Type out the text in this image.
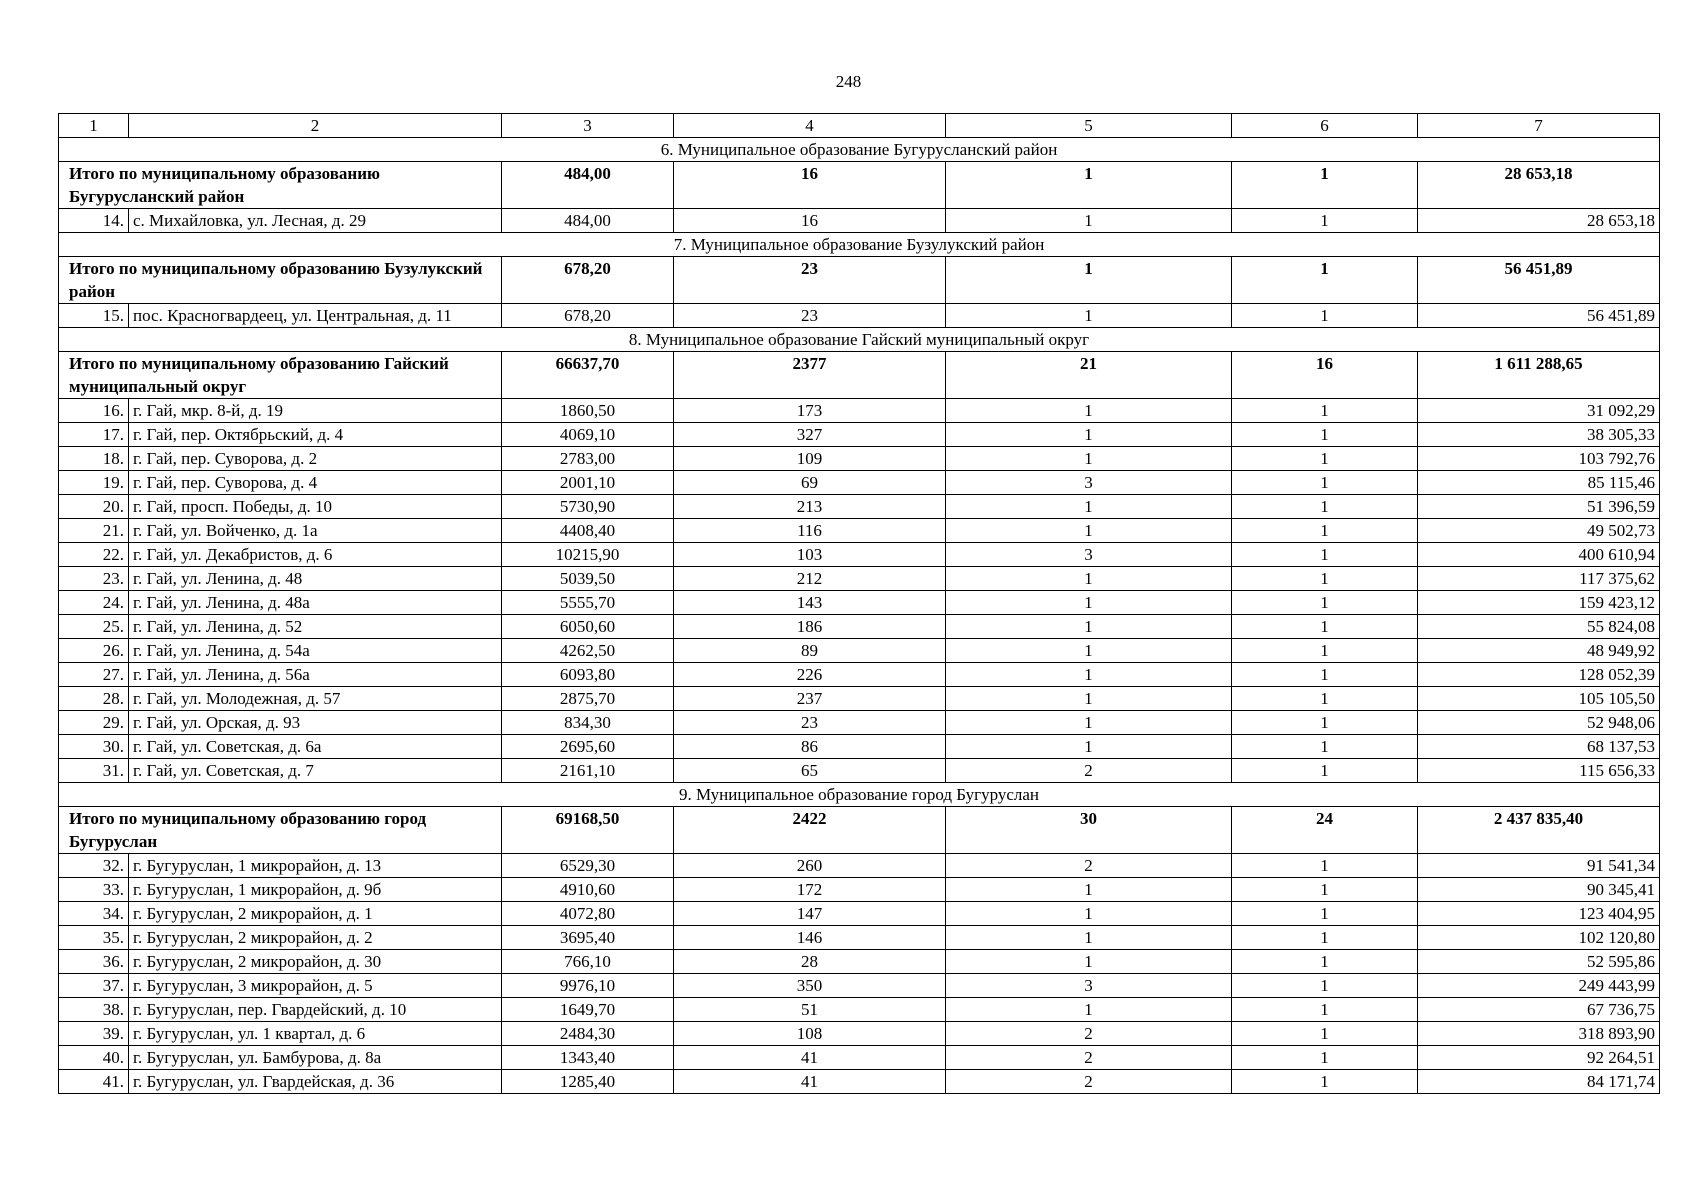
248
1	2	3	4	5	6	7
6. Муниципальное образование Бугурусланский район						
Итого по муниципальному образованию Бугурусланский район		484,00	16	1	1	28 653,18
14.	с. Михайловка, ул. Лесная, д. 29	484,00	16	1	1	28 653,18
7. Муниципальное образование Бузулукский район						
Итого по муниципальному образованию Бузулукский район		678,20	23	1	1	56 451,89
15.	пос. Красногвардеец, ул. Центральная, д. 11	678,20	23	1	1	56 451,89
8. Муниципальное образование Гайский муниципальный округ						
Итого по муниципальному образованию Гайский муниципальный округ		66637,70	2377	21	16	1 611 288,65
16.	г. Гай, мкр. 8-й, д. 19	1860,50	173	1	1	31 092,29
17.	г. Гай, пер. Октябрьский, д. 4	4069,10	327	1	1	38 305,33
18.	г. Гай, пер. Суворова, д. 2	2783,00	109	1	1	103 792,76
19.	г. Гай, пер. Суворова, д. 4	2001,10	69	3	1	85 115,46
20.	г. Гай, просп. Победы, д. 10	5730,90	213	1	1	51 396,59
21.	г. Гай, ул. Войченко, д. 1а	4408,40	116	1	1	49 502,73
22.	г. Гай, ул. Декабристов, д. 6	10215,90	103	3	1	400 610,94
23.	г. Гай, ул. Ленина, д. 48	5039,50	212	1	1	117 375,62
24.	г. Гай, ул. Ленина, д. 48а	5555,70	143	1	1	159 423,12
25.	г. Гай, ул. Ленина, д. 52	6050,60	186	1	1	55 824,08
26.	г. Гай, ул. Ленина, д. 54а	4262,50	89	1	1	48 949,92
27.	г. Гай, ул. Ленина, д. 56а	6093,80	226	1	1	128 052,39
28.	г. Гай, ул. Молодежная, д. 57	2875,70	237	1	1	105 105,50
29.	г. Гай, ул. Орская, д. 93	834,30	23	1	1	52 948,06
30.	г. Гай, ул. Советская, д. 6а	2695,60	86	1	1	68 137,53
31.	г. Гай, ул. Советская, д. 7	2161,10	65	2	1	115 656,33
9. Муниципальное образование город Бугуруслан						
Итого по муниципальному образованию город Бугуруслан		69168,50	2422	30	24	2 437 835,40
32.	г. Бугуруслан, 1 микрорайон, д. 13	6529,30	260	2	1	91 541,34
33.	г. Бугуруслан, 1 микрорайон, д. 9б	4910,60	172	1	1	90 345,41
34.	г. Бугуруслан, 2 микрорайон, д. 1	4072,80	147	1	1	123 404,95
35.	г. Бугуруслан, 2 микрорайон, д. 2	3695,40	146	1	1	102 120,80
36.	г. Бугуруслан, 2 микрорайон, д. 30	766,10	28	1	1	52 595,86
37.	г. Бугуруслан, 3 микрорайон, д. 5	9976,10	350	3	1	249 443,99
38.	г. Бугуруслан, пер. Гвардейский, д. 10	1649,70	51	1	1	67 736,75
39.	г. Бугуруслан, ул. 1 квартал, д. 6	2484,30	108	2	1	318 893,90
40.	г. Бугуруслан, ул. Бамбурова, д. 8а	1343,40	41	2	1	92 264,51
41.	г. Бугуруслан, ул. Гвардейская, д. 36	1285,40	41	2	1	84 171,74
